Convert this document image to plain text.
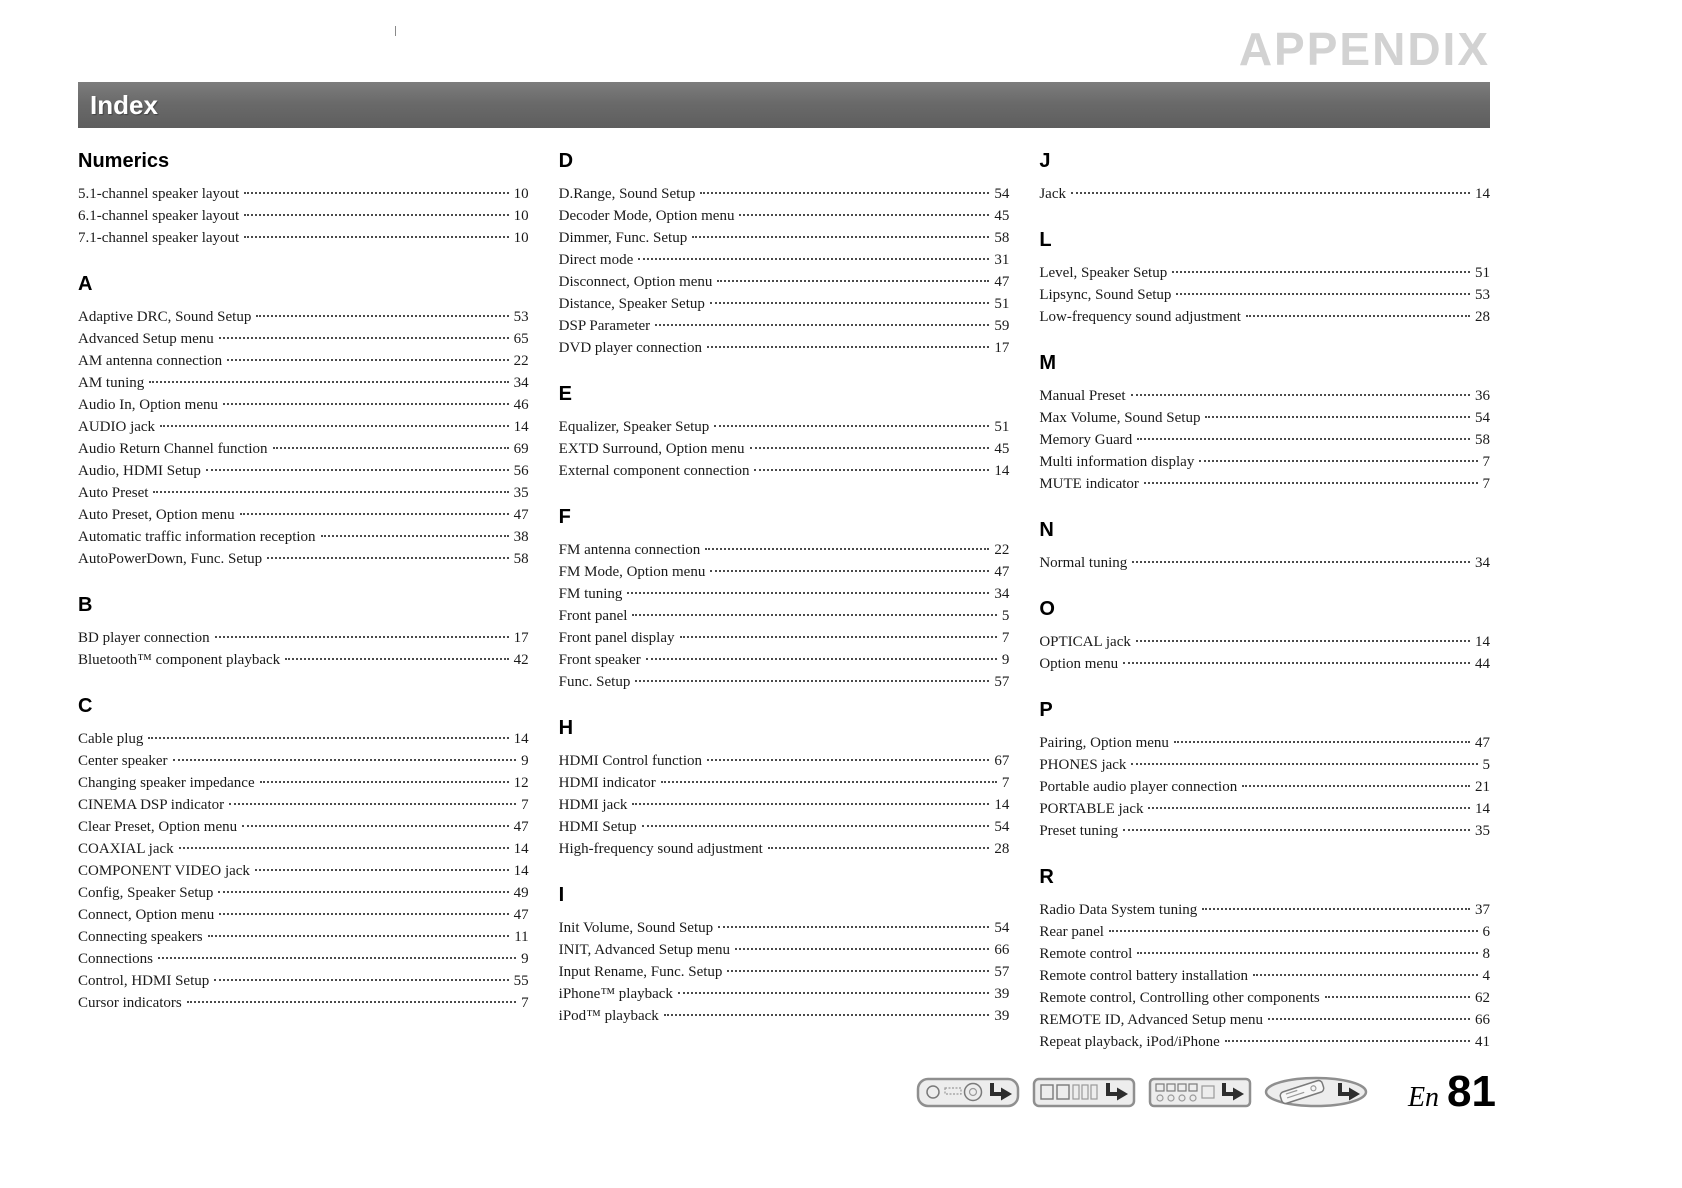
APPENDIX
Index
Numerics
5.1-channel speaker layout	10
6.1-channel speaker layout	10
7.1-channel speaker layout	10
A
Adaptive DRC, Sound Setup	53
Advanced Setup menu	65
AM antenna connection	22
AM tuning	34
Audio In, Option menu	46
AUDIO jack	14
Audio Return Channel function	69
Audio, HDMI Setup	56
Auto Preset	35
Auto Preset, Option menu	47
Automatic traffic information reception	38
AutoPowerDown, Func. Setup	58
B
BD player connection	17
Bluetooth™ component playback	42
C
Cable plug	14
Center speaker	9
Changing speaker impedance	12
CINEMA DSP indicator	7
Clear Preset, Option menu	47
COAXIAL jack	14
COMPONENT VIDEO jack	14
Config, Speaker Setup	49
Connect, Option menu	47
Connecting speakers	11
Connections	9
Control, HDMI Setup	55
Cursor indicators	7
D
D.Range, Sound Setup	54
Decoder Mode, Option menu	45
Dimmer, Func. Setup	58
Direct mode	31
Disconnect, Option menu	47
Distance, Speaker Setup	51
DSP Parameter	59
DVD player connection	17
E
Equalizer, Speaker Setup	51
EXTD Surround, Option menu	45
External component connection	14
F
FM antenna connection	22
FM Mode, Option menu	47
FM tuning	34
Front panel	5
Front panel display	7
Front speaker	9
Func. Setup	57
H
HDMI Control function	67
HDMI indicator	7
HDMI jack	14
HDMI Setup	54
High-frequency sound adjustment	28
I
Init Volume, Sound Setup	54
INIT, Advanced Setup menu	66
Input Rename, Func. Setup	57
iPhone™ playback	39
iPod™ playback	39
J
Jack	14
L
Level, Speaker Setup	51
Lipsync, Sound Setup	53
Low-frequency sound adjustment	28
M
Manual Preset	36
Max Volume, Sound Setup	54
Memory Guard	58
Multi information display	7
MUTE indicator	7
N
Normal tuning	34
O
OPTICAL jack	14
Option menu	44
P
Pairing, Option menu	47
PHONES jack	5
Portable audio player connection	21
PORTABLE jack	14
Preset tuning	35
R
Radio Data System tuning	37
Rear panel	6
Remote control	8
Remote control battery installation	4
Remote control, Controlling other components	62
REMOTE ID, Advanced Setup menu	66
Repeat playback, iPod/iPhone	41
En 81
